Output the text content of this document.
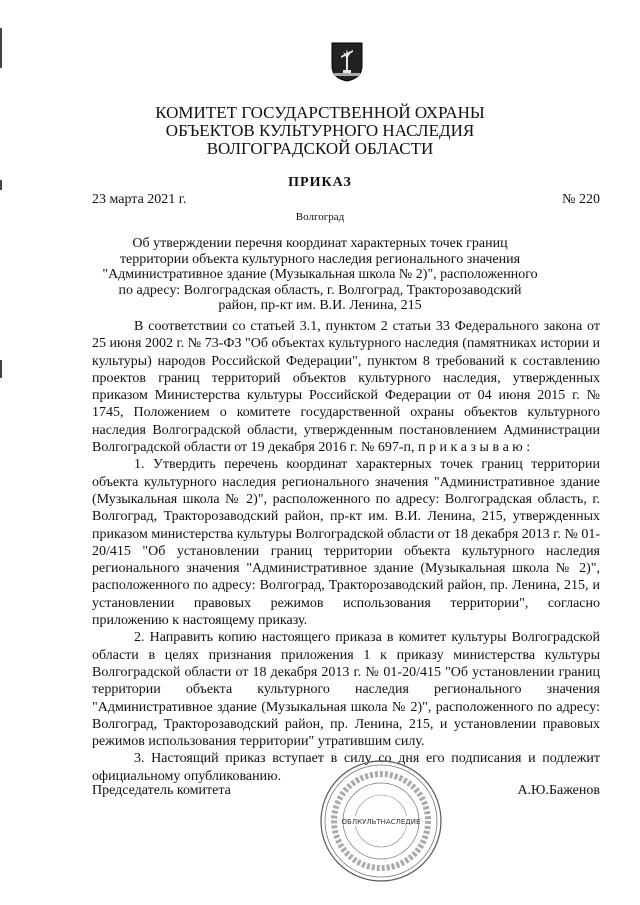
КОМИТЕТ ГОСУДАРСТВЕННОЙ ОХРАНЫ
ОБЪЕКТОВ КУЛЬТУРНОГО НАСЛЕДИЯ
ВОЛГОГРАДСКОЙ ОБЛАСТИ
ПРИКАЗ
23 марта 2021 г.	№ 220
Волгоград
Об утверждении перечня координат характерных точек границ территории объекта культурного наследия регионального значения "Административное здание (Музыкальная школа № 2)", расположенного по адресу: Волгоградская область, г. Волгоград, Тракторозаводский район, пр-кт им. В.И. Ленина, 215

В соответствии со статьей 3.1, пунктом 2 статьи 33 Федерального закона от 25 июня 2002 г. № 73-ФЗ "Об объектах культурного наследия (памятниках истории и культуры) народов Российской Федерации", пунктом 8 требований к составлению проектов границ территорий объектов культурного наследия, утвержденных приказом Министерства культуры Российской Федерации от 04 июня 2015 г. № 1745, Положением о комитете государственной охраны объектов культурного наследия Волгоградской области, утвержденным постановлением Администрации Волгоградской области от 19 декабря 2016 г. № 697-п, п р и к а з ы в а ю :

1. Утвердить перечень координат характерных точек границ территории объекта культурного наследия регионального значения "Административное здание (Музыкальная школа № 2)", расположенного по адресу: Волгоградская область, г. Волгоград, Тракторозаводский район, пр-кт им. В.И. Ленина, 215, утвержденных приказом министерства культуры Волгоградской области от 18 декабря 2013 г. № 01-20/415 "Об установлении границ территории объекта культурного наследия регионального значения "Административное здание (Музыкальная школа № 2)", расположенного по адресу: Волгоград, Тракторозаводский район, пр. Ленина, 215, и установлении правовых режимов использования территории", согласно приложению к настоящему приказу.

2. Направить копию настоящего приказа в комитет культуры Волгоградской области в целях признания приложения 1 к приказу министерства культуры Волгоградской области от 18 декабря 2013 г. № 01-20/415 "Об установлении границ территории объекта культурного наследия регионального значения "Административное здание (Музыкальная школа № 2)", расположенного по адресу: Волгоград, Тракторозаводский район, пр. Ленина, 215, и установлении правовых режимов использования территории" утратившим силу.

3. Настоящий приказ вступает в силу со дня его подписания и подлежит официальному опубликованию.

Председатель комитета	А.Ю.Баженов
ОБЛКУЛЬТНАСЛЕДИЕ
